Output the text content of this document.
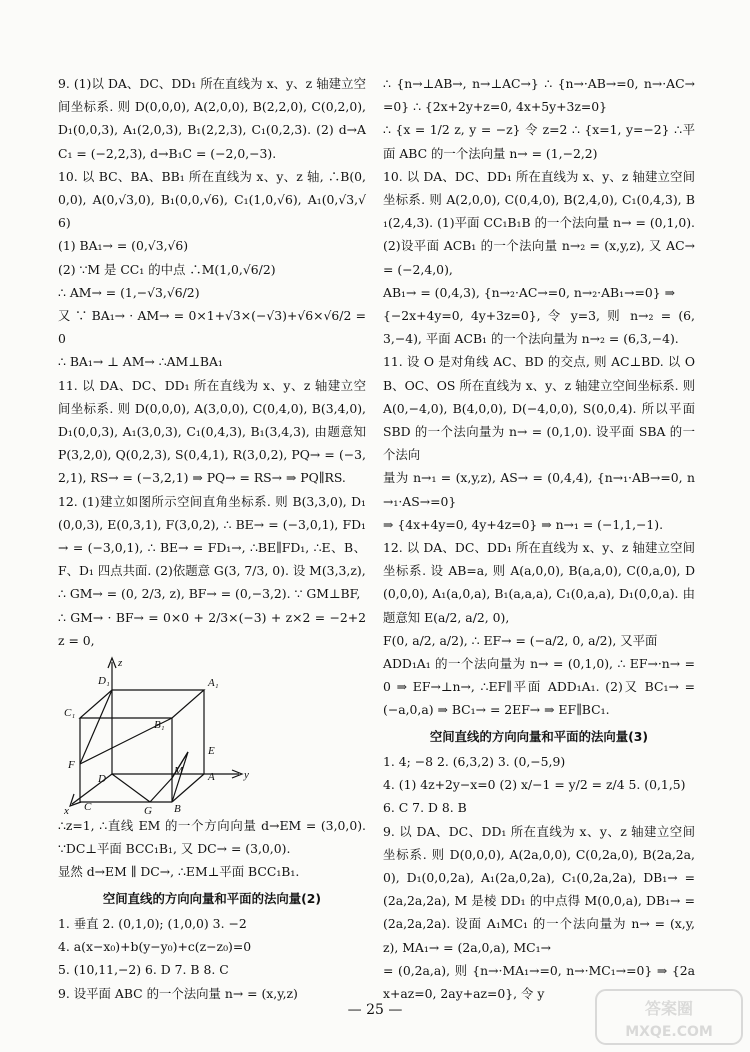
9. (1)以 DA、DC、DD₁ 所在直线为 x、y、z 轴建立空间坐标系. 则 D(0,0,0), A(2,0,0), B(2,2,0), C(0,2,0), D₁(0,0,3), A₁(2,0,3), B₁(2,2,3), C₁(0,2,3). (2) d→AC₁ = (−2,2,3), d→B₁C = (−2,0,−3).

10. 以 BC、BA、BB₁ 所在直线为 x、y、z 轴, ∴B(0,0,0), A(0,√3,0), B₁(0,0,√6), C₁(1,0,√6), A₁(0,√3,√6)

(1) BA₁→ = (0,√3,√6)

(2) ∵M 是 CC₁ 的中点 ∴M(1,0,√6/2)

∴ AM→ = (1,−√3,√6/2)

又 ∵ BA₁→ · AM→ = 0×1+√3×(−√3)+√6×√6/2 = 0

∴ BA₁→ ⊥ AM→ ∴AM⊥BA₁

11. 以 DA、DC、DD₁ 所在直线为 x、y、z 轴建立空间坐标系. 则 D(0,0,0), A(3,0,0), C(0,4,0), B(3,4,0), D₁(0,0,3), A₁(3,0,3), C₁(0,4,3), B₁(3,4,3), 由题意知 P(3,2,0), Q(0,2,3), S(0,4,1), R(3,0,2), PQ→ = (−3,2,1), RS→ = (−3,2,1) ⇒ PQ→ = RS→ ⇒ PQ∥RS.

12. (1)建立如图所示空间直角坐标系. 则 B(3,3,0), D₁(0,0,3), E(0,3,1), F(3,0,2), ∴ BE→ = (−3,0,1), FD₁→ = (−3,0,1), ∴ BE→ = FD₁→, ∴BE∥FD₁, ∴E、B、F、D₁ 四点共面. (2)依题意 G(3, 7/3, 0). 设 M(3,3,z),

∴ GM→ = (0, 2/3, z), BF→ = (0,−3,2). ∵ GM⊥BF,

∴ GM→ · BF→ = 0×0 + 2/3×(−3) + z×2 = −2+2z = 0,

z
D₁	A₁
C₁
B₁
F
E
D
M A	y
x C	G B

∴z=1, ∴直线 EM 的一个方向向量 d→EM = (3,0,0). ∵DC⊥平面 BCC₁B₁, 又 DC→ = (3,0,0).

显然 d→EM ∥ DC→, ∴EM⊥平面 BCC₁B₁.

空间直线的方向向量和平面的法向量(2)

1. 垂直 2. (0,1,0); (1,0,0) 3. −2

4. a(x−x₀)+b(y−y₀)+c(z−z₀)=0

5. (10,11,−2) 6. D 7. B 8. C

9. 设平面 ABC 的一个法向量 n→ = (x,y,z)

∴ {n→⊥AB→, n→⊥AC→} ∴ {n→·AB→=0, n→·AC→=0} ∴ {2x+2y+z=0, 4x+5y+3z=0}

∴ {x = 1/2 z, y = −z} 令 z=2 ∴ {x=1, y=−2} ∴平面 ABC 的一个法向量 n→ = (1,−2,2)

10. 以 DA、DC、DD₁ 所在直线为 x、y、z 轴建立空间坐标系. 则 A(2,0,0), C(0,4,0), B(2,4,0), C₁(0,4,3), B₁(2,4,3). (1)平面 CC₁B₁B 的一个法向量 n→ = (0,1,0). (2)设平面 ACB₁ 的一个法向量 n→₂ = (x,y,z), 又 AC→ = (−2,4,0),

AB₁→ = (0,4,3), {n→₂·AC→=0, n→₂·AB₁→=0} ⇒

{−2x+4y=0, 4y+3z=0}, 令 y=3, 则 n→₂ = (6,3,−4), 平面 ACB₁ 的一个法向量为 n→₂ = (6,3,−4).

11. 设 O 是对角线 AC、BD 的交点, 则 AC⊥BD. 以 OB、OC、OS 所在直线为 x、y、z 轴建立空间坐标系. 则 A(0,−4,0), B(4,0,0), D(−4,0,0), S(0,0,4). 所以平面 SBD 的一个法向量为 n→ = (0,1,0). 设平面 SBA 的一个法向

量为 n→₁ = (x,y,z), AS→ = (0,4,4), {n→₁·AB→=0, n→₁·AS→=0}

⇒ {4x+4y=0, 4y+4z=0} ⇒ n→₁ = (−1,1,−1).

12. 以 DA、DC、DD₁ 所在直线为 x、y、z 轴建立空间坐标系. 设 AB=a, 则 A(a,0,0), B(a,a,0), C(0,a,0), D(0,0,0), A₁(a,0,a), B₁(a,a,a), C₁(0,a,a), D₁(0,0,a). 由题意知 E(a/2, a/2, 0),

F(0, a/2, a/2), ∴ EF→ = (−a/2, 0, a/2), 又平面

ADD₁A₁ 的一个法向量为 n→ = (0,1,0), ∴ EF→·n→ = 0 ⇒ EF→⊥n→, ∴EF∥平面 ADD₁A₁. (2)又 BC₁→ = (−a,0,a) ⇒ BC₁→ = 2EF→ ⇒ EF∥BC₁.

空间直线的方向向量和平面的法向量(3)

1. 4; −8 2. (6,3,2) 3. (0,−5,9)

4. (1) 4z+2y−x=0 (2) x/−1 = y/2 = z/4 5. (0,1,5)

6. C 7. D 8. B

9. 以 DA、DC、DD₁ 所在直线为 x、y、z 轴建立空间坐标系. 则 D(0,0,0), A(2a,0,0), C(0,2a,0), B(2a,2a,0), D₁(0,0,2a), A₁(2a,0,2a), C₁(0,2a,2a), DB₁→ = (2a,2a,2a), M 是棱 DD₁ 的中点得 M(0,0,a), DB₁→ = (2a,2a,2a). 设面 A₁MC₁ 的一个法向量为 n→ = (x,y,z), MA₁→ = (2a,0,a), MC₁→

= (0,2a,a), 则 {n→·MA₁→=0, n→·MC₁→=0} ⇒ {2ax+az=0, 2ay+az=0}, 令 y

— 25 —	答案圈
MXQE.COM
